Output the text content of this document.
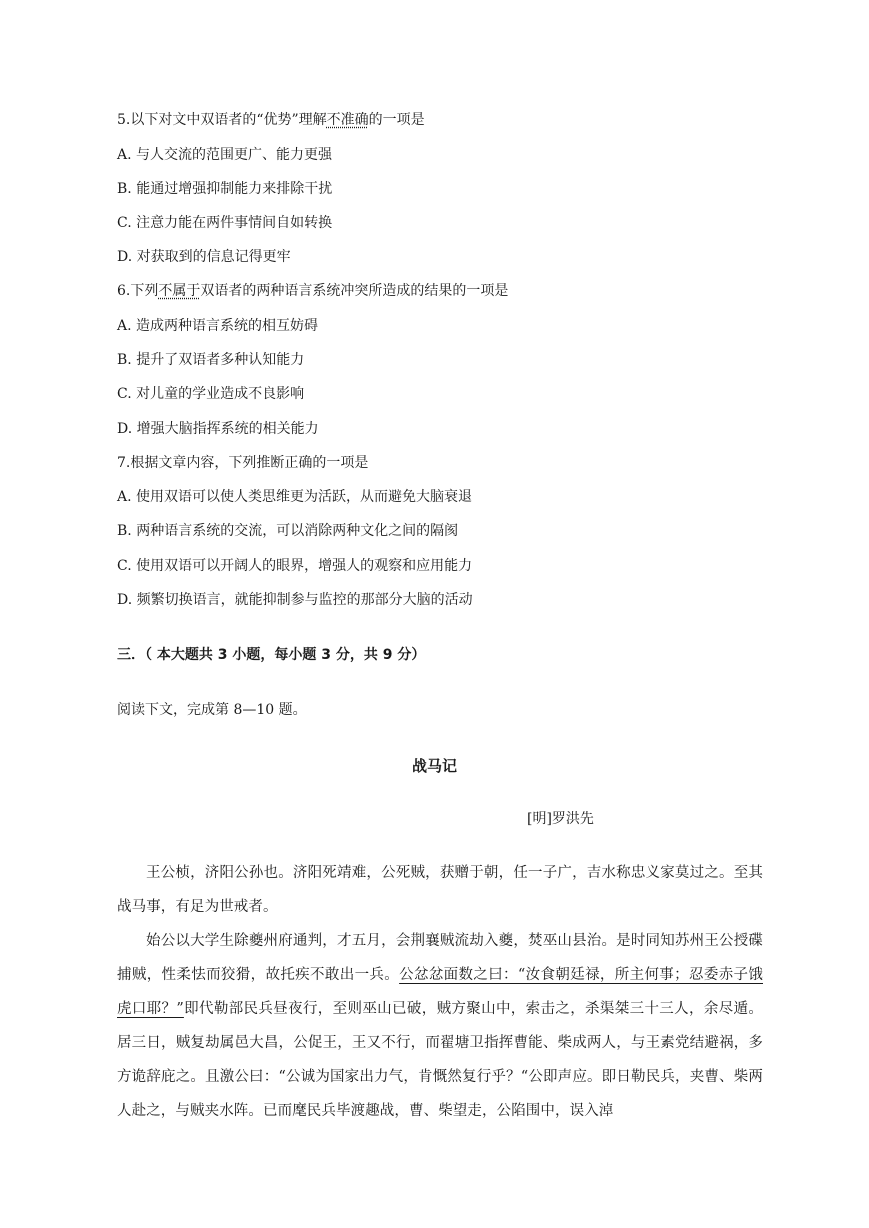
5.以下对文中双语者的“优势”理解不准确的一项是
A. 与人交流的范围更广、能力更强
B. 能通过增强抑制能力来排除干扰
C. 注意力能在两件事情间自如转换
D. 对获取到的信息记得更牢
6.下列不属于双语者的两种语言系统冲突所造成的结果的一项是
A. 造成两种语言系统的相互妨碍
B. 提升了双语者多种认知能力
C. 对儿童的学业造成不良影响
D. 增强大脑指挥系统的相关能力
7.根据文章内容，下列推断正确的一项是
A. 使用双语可以使人类思维更为活跃，从而避免大脑衰退
B. 两种语言系统的交流，可以消除两种文化之间的隔阂
C. 使用双语可以开阔人的眼界，增强人的观察和应用能力
D. 频繁切换语言，就能抑制参与监控的那部分大脑的活动
三．（ 本大题共 3 小题，每小题 3 分，共 9 分）
阅读下文，完成第 8—10 题。
战马记
[明]罗洪先

王公桢，济阳公孙也。济阳死靖难，公死贼，获赠于朝，任一子广，吉水称忠义家莫过之。至其战马事，有足为世戒者。

始公以大学生除夔州府通判，才五月，会荆襄贼流劫入夔，焚巫山县治。是时同知苏州王公授碟捕贼，性柔怯而狡猾，故托疾不敢出一兵。公忿忿面数之曰：“汝食朝廷禄，所主何事；忍委赤子饿虎口耶？”即代勒部民兵昼夜行，至则巫山已破，贼方聚山中，索击之，杀渠桀三十三人，余尽遁。居三日，贼复劫属邑大昌，公促王，王又不行，而翟塘卫指挥曹能、柴成两人，与王素党结避祸，多方诡辞庇之。且激公曰：“公诚为国家出力气，肯慨然复行乎？“公即声应。即日勒民兵，夹曹、柴两人赴之，与贼夹水阵。已而麾民兵毕渡趣战，曹、柴望走，公陷围中，误入淖
